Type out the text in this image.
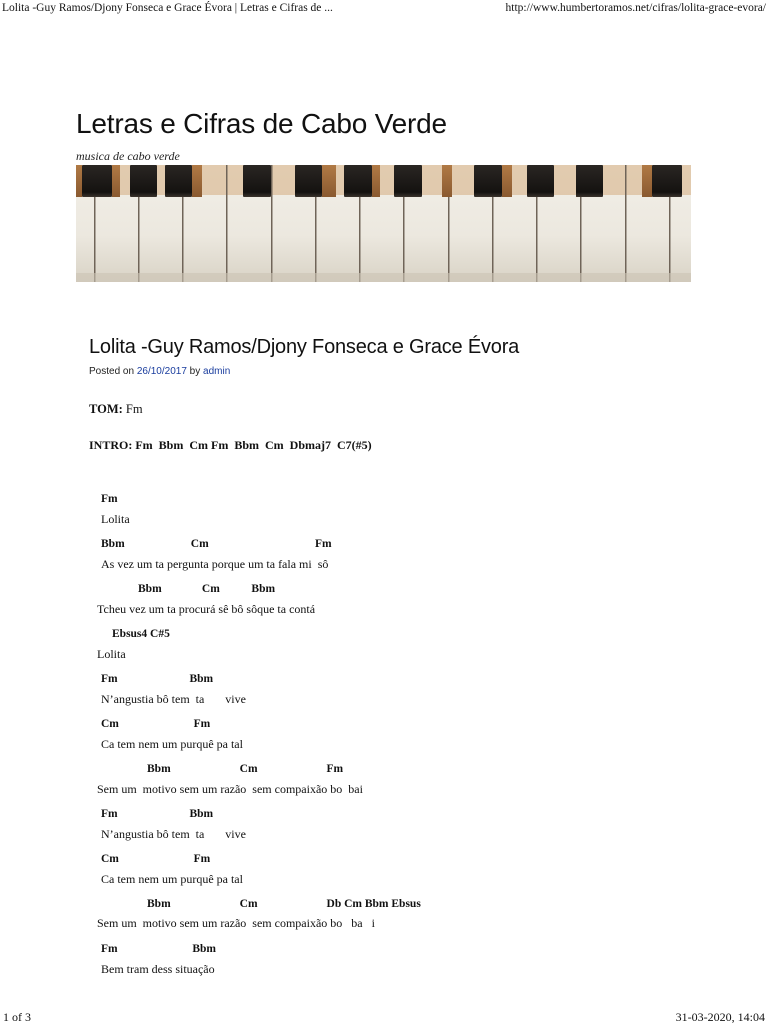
Lolita -Guy Ramos/Djony Fonseca e Grace Évora | Letras e Cifras de ...	http://www.humbertoramos.net/cifras/lolita-grace-evora/
Letras e Cifras de Cabo Verde
musica de cabo verde
Lolita -Guy Ramos/Djony Fonseca e Grace Évora
Posted on 26/10/2017 by admin
TOM: Fm
INTRO: Fm  Bbm  Cm Fm  Bbm  Cm  Dbmaj7  C7(#5)
Fm
Lolita
Bbm                       Cm                                     Fm
As vez um ta pergunta porque um ta fala mi  sô
Bbm              Cm           Bbm
Tcheu vez um ta procurá sê bô sôque ta contá
Ebsus4 C#5
Lolita
Fm                         Bbm
N’angustia bô tem  ta       vive
Cm                          Fm
Ca tem nem um purquê pa tal
Bbm                        Cm                        Fm
Sem um  motivo sem um razão  sem compaixão bo  bai
Fm                         Bbm
N’angustia bô tem  ta       vive
Cm                          Fm
Ca tem nem um purquê pa tal
Bbm                        Cm                        Db Cm Bbm Ebsus
Sem um  motivo sem um razão  sem compaixão bo   ba   i
Fm                          Bbm
Bem tram dess situação
1 of 3	31-03-2020, 14:04
